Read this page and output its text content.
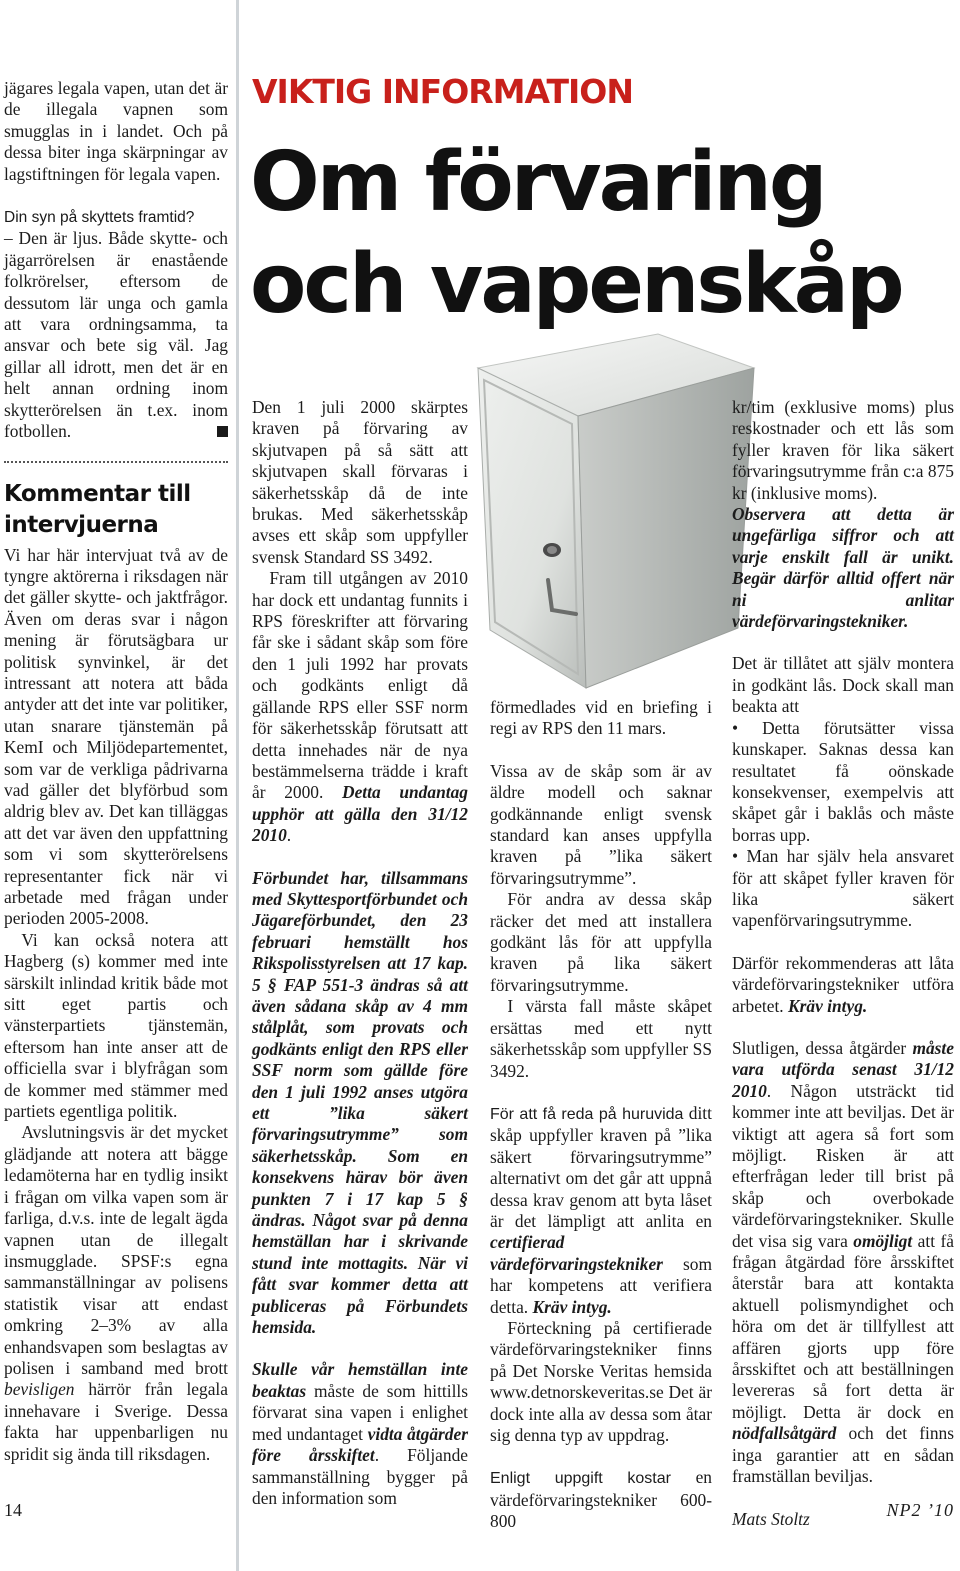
jägares legala vapen, utan det är de illegala vapnen som smugglas in i landet. Och på dessa biter inga skärpningar av lagstiftningen för legala vapen.

Din syn på skyttets framtid?

– Den är ljus. Både skytte- och jägarrörelsen är enastående folkrörelser, eftersom de dessutom lär unga och gamla att vara ordningsamma, ta ansvar och bete sig väl. Jag gillar all idrott, men det är en helt annan ordning inom skytterörelsen än t.ex. inom fotbollen.

Kommentar till intervjuerna

Vi har här intervjuat två av de tyngre aktörerna i riksdagen när det gäller skytte- och jaktfrågor. Även om deras svar i någon mening är förutsägbara ur politisk synvinkel, är det intressant att notera att båda antyder att det inte var politiker, utan snarare tjänstemän på KemI och Miljödepartementet, som var de verkliga pådrivarna vad gäller det blyförbud som aldrig blev av. Det kan tilläggas att det var även den uppfattning som vi som skytterörelsens representanter fick när vi arbetade med frågan under perioden 2005-2008.

Vi kan också notera att Hagberg (s) kommer med inte särskilt inlindad kritik både mot sitt eget partis och vänsterpartiets tjänstemän, eftersom han inte anser att de officiella svar i blyfrågan som de kommer med stämmer med partiets egentliga politik.

Avslutningsvis är det mycket glädjande att notera att bägge ledamöterna har en tydlig insikt i frågan om vilka vapen som är farliga, d.v.s. inte de legalt ägda vapnen utan de illegalt insmugglade. SPSF:s egna sammanställningar av polisens statistik visar att endast omkring 2–3% av alla enhandsvapen som beslagtas av polisen i samband med brott bevisligen härrör från legala innehavare i Sverige. Dessa fakta har uppenbarligen nu spridit sig ända till riksdagen.

14
VIKTIG INFORMATION
Om förvaring
och vapenskåp

Den 1 juli 2000 skärptes kraven på förvaring av skjutvapen på så sätt att skjutvapen skall förvaras i säkerhetsskåp då de inte brukas. Med säkerhetsskåp avses ett skåp som uppfyller svensk Standard SS 3492.

Fram till utgången av 2010 har dock ett undantag funnits i RPS föreskrifter att förvaring får ske i sådant skåp som före den 1 juli 1992 har provats och godkänts enligt då gällande RPS eller SSF norm för säkerhetsskåp förutsatt att detta innehades när de nya bestämmelserna trädde i kraft år 2000. Detta undantag upphör att gälla den 31/12 2010.

Förbundet har, tillsammans med Skyttesportförbundet och Jägareförbundet, den 23 februari hemställt hos Rikspolisstyrelsen att 17 kap. 5 § FAP 551-3 ändras så att även sådana skåp av 4 mm stålplåt, som provats och godkänts enligt den RPS eller SSF norm som gällde före den 1 juli 1992 anses utgöra ett ”lika säkert förvaringsutrymme” som säkerhetsskåp. Som en konsekvens härav bör även punkten 7 i 17 kap 5 § ändras. Något svar på denna hemställan har i skrivande stund inte mottagits. När vi fått svar kommer detta att publiceras på Förbundets hemsida.

Skulle vår hemställan inte beaktas måste de som hittills förvarat sina vapen i enlighet med undantaget vidta åtgärder före årsskiftet. Följande sammanställning bygger på den information som

förmedlades vid en briefing i regi av RPS den 11 mars.

Vissa av de skåp som är av äldre modell och saknar godkännande enligt svensk standard kan anses uppfylla kraven på ”lika säkert förvaringsutrymme”.

För andra av dessa skåp räcker det med att installera godkänt lås för att uppfylla kraven på lika säkert förvaringsutrymme.

I värsta fall måste skåpet ersättas med ett nytt säkerhetsskåp som uppfyller SS 3492.

För att få reda på huruvida ditt skåp uppfyller kraven på ”lika säkert förvaringsutrymme” alternativt om det går att uppnå dessa krav genom att byta låset är det lämpligt att anlita en certifierad värdeförvaringstekniker som har kompetens att verifiera detta. Kräv intyg.

Förteckning på certifierade värdeförvaringstekniker finns på Det Norske Veritas hemsida www.detnorskeveritas.se Det är dock inte alla av dessa som åtar sig denna typ av uppdrag.

Enligt uppgift kostar en värdeförvaringstekniker 600-800

kr/tim (exklusive moms) plus reskostnader och ett lås som fyller kraven för lika säkert förvaringsutrymme från c:a 875 kr (inklusive moms).

Observera att detta är ungefärliga siffror och att varje enskilt fall är unikt. Begär därför alltid offert när ni anlitar värdeförvaringstekniker.

Det är tillåtet att själv montera in godkänt lås. Dock skall man beakta att

• Detta förutsätter vissa kunskaper. Saknas dessa kan resultatet få oönskade konsekvenser, exempelvis att skåpet går i baklås och måste borras upp.

• Man har själv hela ansvaret för att skåpet fyller kraven för lika säkert vapenförvaringsutrymme.

Därför rekommenderas att låta värdeförvaringstekniker utföra arbetet. Kräv intyg.

Slutligen, dessa åtgärder måste vara utförda senast 31/12 2010. Någon utsträckt tid kommer inte att beviljas. Det är viktigt att agera så fort som möjligt. Risken är att efterfrågan leder till brist på skåp och overbokade värdeförvaringstekniker. Skulle det visa sig vara omöjligt att få frågan åtgärdad före årsskiftet återstår bara att kontakta aktuell polismyndighet och höra om det är tillfyllest att affären gjorts upp före årsskiftet och att beställningen levereras så fort detta är möjligt. Detta är dock en nödfallsåtgärd och det finns inga garantier att en sådan framställan beviljas.

Mats Stoltz	NP2 ’10
